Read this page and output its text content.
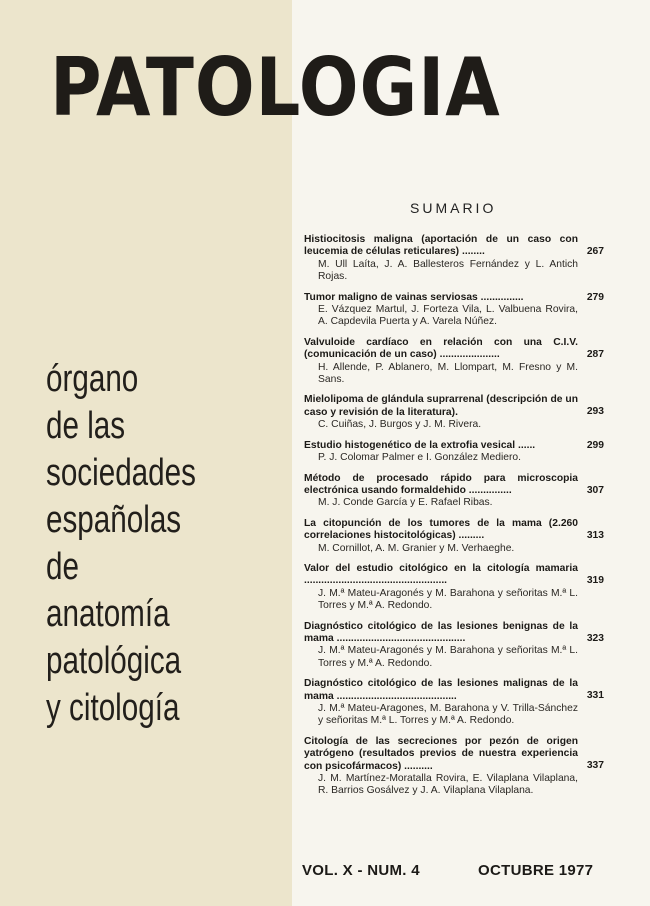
PATOLOGIA
órgano
de las
sociedades
españolas
de
anatomía
patológica
y citología
SUMARIO
267
Histiocitosis maligna (aportación de un caso con leucemia de células reticulares) ........
M. Ull Laíta, J. A. Ballesteros Fernández y L. Antich Rojas.
279
Tumor maligno de vainas serviosas ...............
E. Vázquez Martul, J. Forteza Vila, L. Valbuena Rovira, A. Capdevila Puerta y A. Varela Núñez.
287
Valvuloide cardíaco en relación con una C.I.V. (comunicación de un caso) .....................
H. Allende, P. Ablanero, M. Llompart, M. Fresno y M. Sans.
293
Mielolipoma de glándula suprarrenal (descripción de un caso y revisión de la literatura).
C. Cuiñas, J. Burgos y J. M. Rivera.
299
Estudio histogenético de la extrofia vesical ......
P. J. Colomar Palmer e I. González Mediero.
307
Método de procesado rápido para microscopia electrónica usando formaldehido ...............
M. J. Conde García y E. Rafael Ribas.
313
La citopunción de los tumores de la mama (2.260 correlaciones histocitológicas) .........
M. Cornillot, A. M. Granier y M. Verhaeghe.
319
Valor del estudio citológico en la citología mamaria ..................................................
J. M.ª Mateu-Aragonés y M. Barahona y señoritas M.ª L. Torres y M.ª A. Redondo.
323
Diagnóstico citológico de las lesiones benignas de la mama .............................................
J. M.ª Mateu-Aragonés y M. Barahona y señoritas M.ª L. Torres y M.ª A. Redondo.
331
Diagnóstico citológico de las lesiones malignas de la mama ..........................................
J. M.ª Mateu-Aragones, M. Barahona y V. Trilla-Sánchez y señoritas M.ª L. Torres y M.ª A. Redondo.
337
Citología de las secreciones por pezón de origen yatrógeno (resultados previos de nuestra experiencia con psicofármacos) ..........
J. M. Martínez-Moratalla Rovira, E. Vilaplana Vilaplana, R. Barrios Gosálvez y J. A. Vilaplana Vilaplana.
VOL. X - NUM. 4	OCTUBRE 1977
